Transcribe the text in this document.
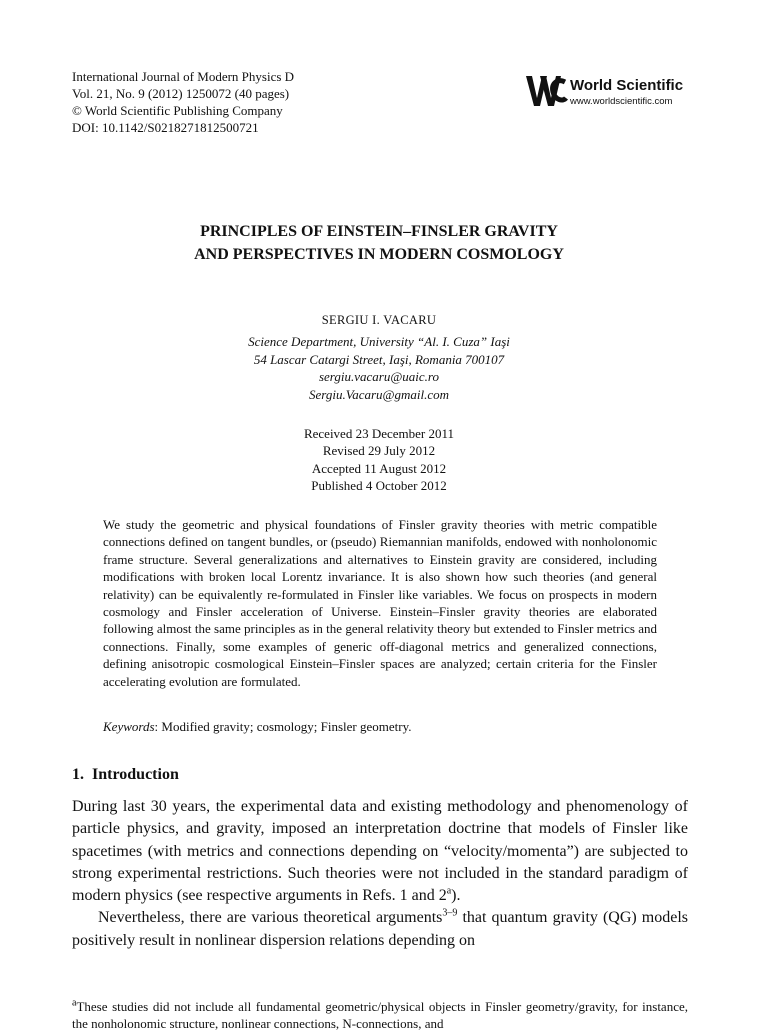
International Journal of Modern Physics D
Vol. 21, No. 9 (2012) 1250072 (40 pages)
© World Scientific Publishing Company
DOI: 10.1142/S0218271812500721
World Scientific
www.worldscientific.com
PRINCIPLES OF EINSTEIN–FINSLER GRAVITY
AND PERSPECTIVES IN MODERN COSMOLOGY
SERGIU I. VACARU
Science Department, University “Al. I. Cuza” Iaşi
54 Lascar Catargi Street, Iaşi, Romania 700107
sergiu.vacaru@uaic.ro
Sergiu.Vacaru@gmail.com
Received 23 December 2011
Revised 29 July 2012
Accepted 11 August 2012
Published 4 October 2012
We study the geometric and physical foundations of Finsler gravity theories with metric compatible connections defined on tangent bundles, or (pseudo) Riemannian manifolds, endowed with nonholonomic frame structure. Several generalizations and alternatives to Einstein gravity are considered, including modifications with broken local Lorentz invariance. It is also shown how such theories (and general relativity) can be equivalently re-formulated in Finsler like variables. We focus on prospects in modern cosmology and Finsler acceleration of Universe. Einstein–Finsler gravity theories are elaborated following almost the same principles as in the general relativity theory but extended to Finsler metrics and connections. Finally, some examples of generic off-diagonal metrics and generalized connections, defining anisotropic cosmological Einstein–Finsler spaces are analyzed; certain criteria for the Finsler accelerating evolution are formulated.
Keywords: Modified gravity; cosmology; Finsler geometry.
1. Introduction

During last 30 years, the experimental data and existing methodology and phenomenology of particle physics, and gravity, imposed an interpretation doctrine that models of Finsler like spacetimes (with metrics and connections depending on “velocity/momenta”) are subjected to strong experimental restrictions. Such theories were not included in the standard paradigm of modern physics (see respective arguments in Refs. 1 and 2$^a$).

Nevertheless, there are various theoretical arguments$^{3-9}$ that quantum gravity (QG) models positively result in nonlinear dispersion relations depending on

$^a$These studies did not include all fundamental geometric/physical objects in Finsler geometry/gravity, for instance, the nonholonomic structure, nonlinear connections, N-connections, and
